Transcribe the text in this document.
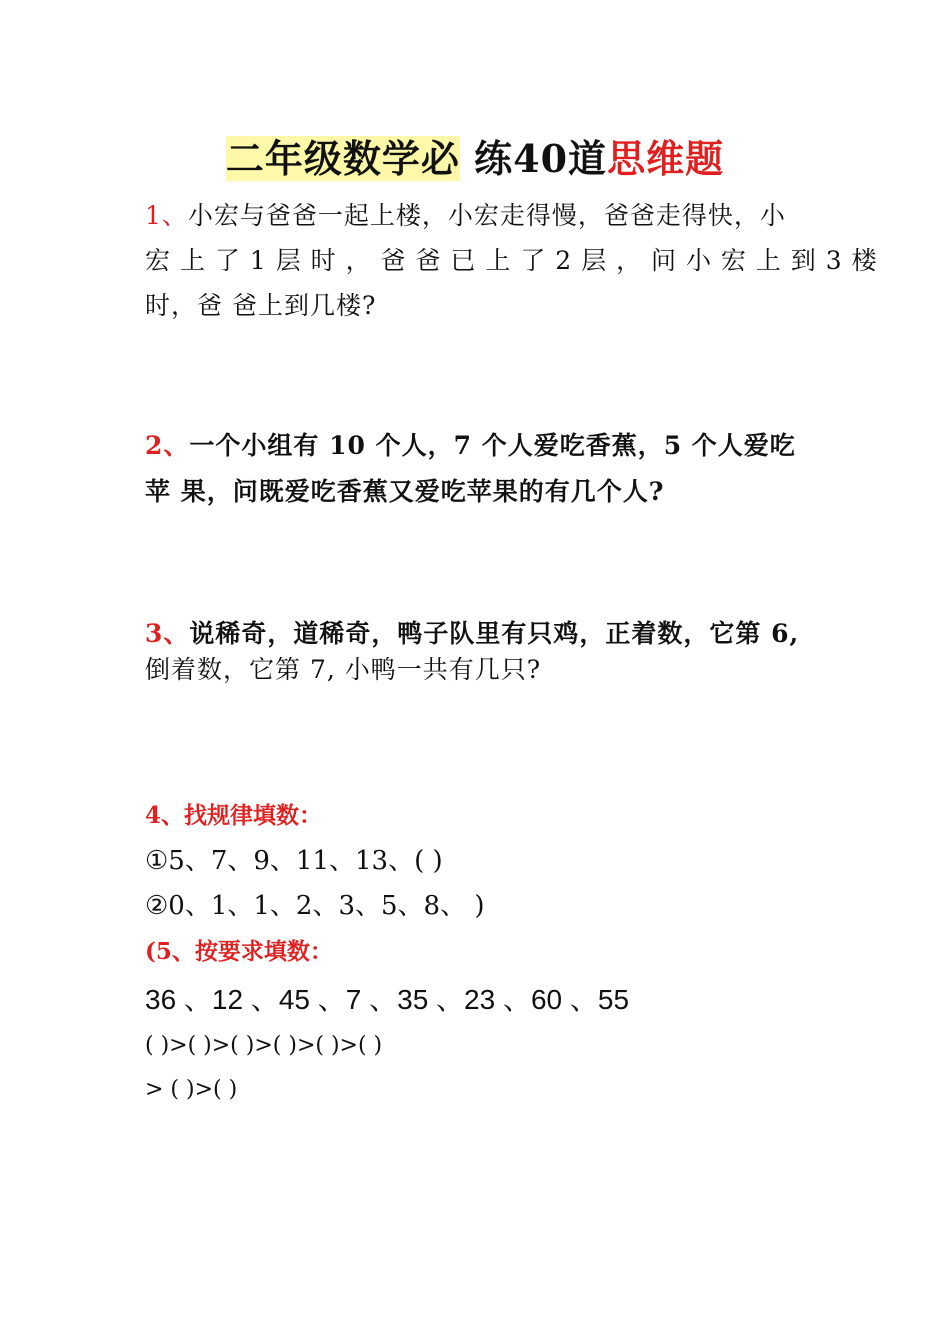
二年级数学必 练40道思维题
1、小宏与爸爸一起上楼，小宏走得慢，爸爸走得快，小
宏 上 了 1 层 时 ， 爸 爸 已 上 了 2 层 ， 问 小 宏 上 到 3 楼
时，爸 爸上到几楼?
2、一个小组有 10 个人，7 个人爱吃香蕉，5 个人爱吃
苹 果，问既爱吃香蕉又爱吃苹果的有几个人?
3、说稀奇，道稀奇，鸭子队里有只鸡，正着数，它第 6,
倒着数，它第 7, 小鸭一共有几只?
4、找规律填数：
①5、7、9、11、13、( )
②0、1、1、2、3、5、8、 )
(5、按要求填数：
36 、12 、45 、7 、35 、23 、60 、55
( )>( )>( )>( )>( )>( )
> ( )>( )
